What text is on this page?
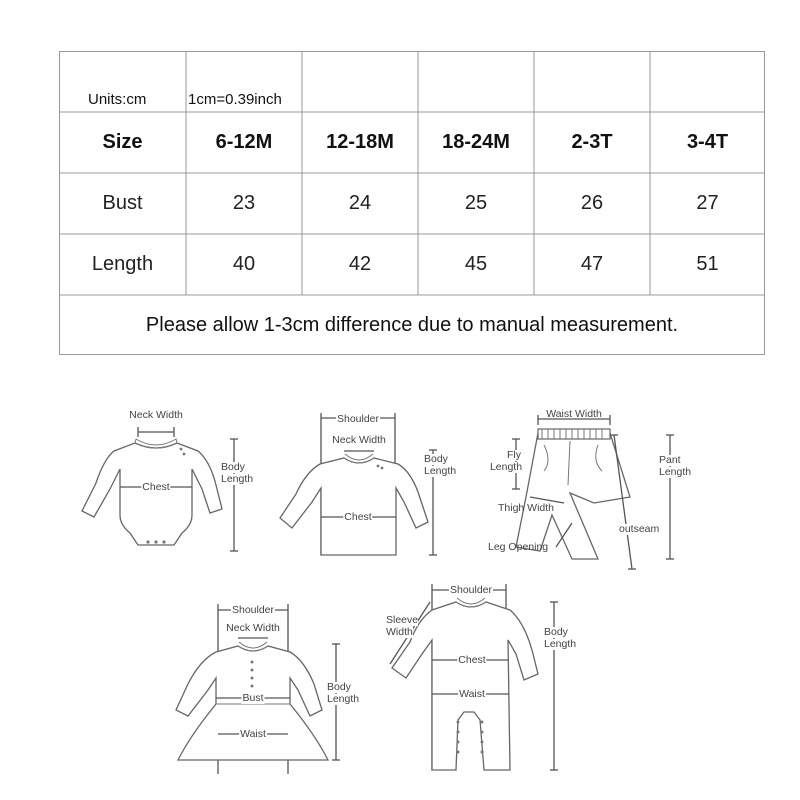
Units:cm	1cm=0.39inch
Size	6-12M	12-18M	18-24M	2-3T	3-4T
Bust	23	24	25	26	27
Length	40	42	45	47	51
Please allow 1-3cm difference due to manual measurement.
Neck Width
Chest
Body
Length
Shoulder
Neck Width
Chest
Body
Length
Waist Width
Fly
Length
Thigh Width
Leg Opening
outseam
Pant
Length
Shoulder
Neck Width
Bust
Waist
Body
Length
Shoulder
Sleeve
Width
Chest
Waist
Body
Length
